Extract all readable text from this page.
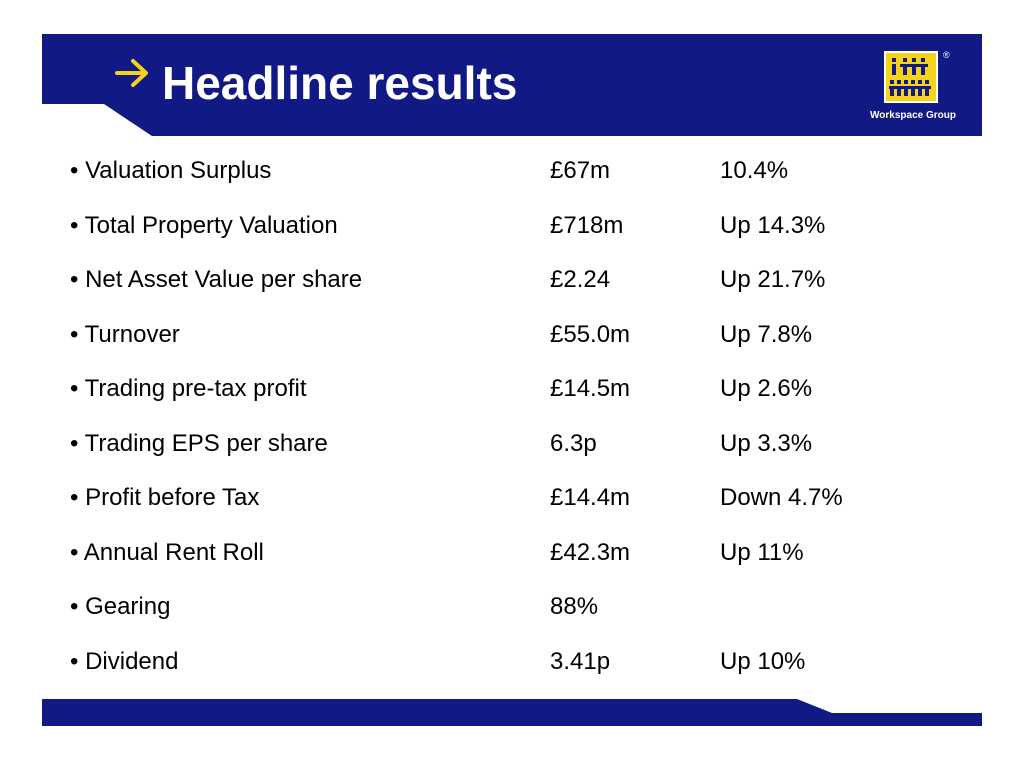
Headline results
®
Workspace Group
• Valuation Surplus	£67m	10.4%
• Total Property Valuation	£718m	Up 14.3%
• Net Asset Value per share	£2.24	Up 21.7%
• Turnover	£55.0m	Up 7.8%
• Trading pre-tax profit	£14.5m	Up 2.6%
• Trading EPS per share	6.3p	Up 3.3%
• Profit before Tax	£14.4m	Down 4.7%
• Annual Rent Roll	£42.3m	Up 11%
• Gearing	88%
• Dividend	3.41p	Up 10%
